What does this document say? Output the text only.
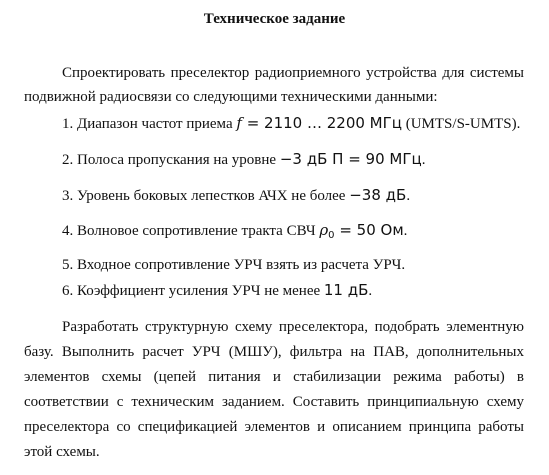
Техническое задание
Спроектировать преселектор радиоприемного устройства для системы
подвижной радиосвязи со следующими техническими данными:
1. Диапазон частот приема f = 2110 … 2200 МГц (UMTS/S-UMTS).
2. Полоса пропускания на уровне −3 дБ П = 90 МГц.
3. Уровень боковых лепестков АЧХ не более −38 дБ.
4. Волновое сопротивление тракта СВЧ $\rho_0 = 50$ Ом.
5. Входное сопротивление УРЧ взять из расчета УРЧ.
6. Коэффициент усиления УРЧ не менее 11 дБ.
Разработать структурную схему преселектора, подобрать элементную
базу. Выполнить расчет УРЧ (МШУ), фильтра на ПАВ, дополнительных
элементов схемы (цепей питания и стабилизации режима работы) в
соответствии с техническим заданием. Составить принципиальную схему
преселектора со спецификацией элементов и описанием принципа работы
этой схемы.
